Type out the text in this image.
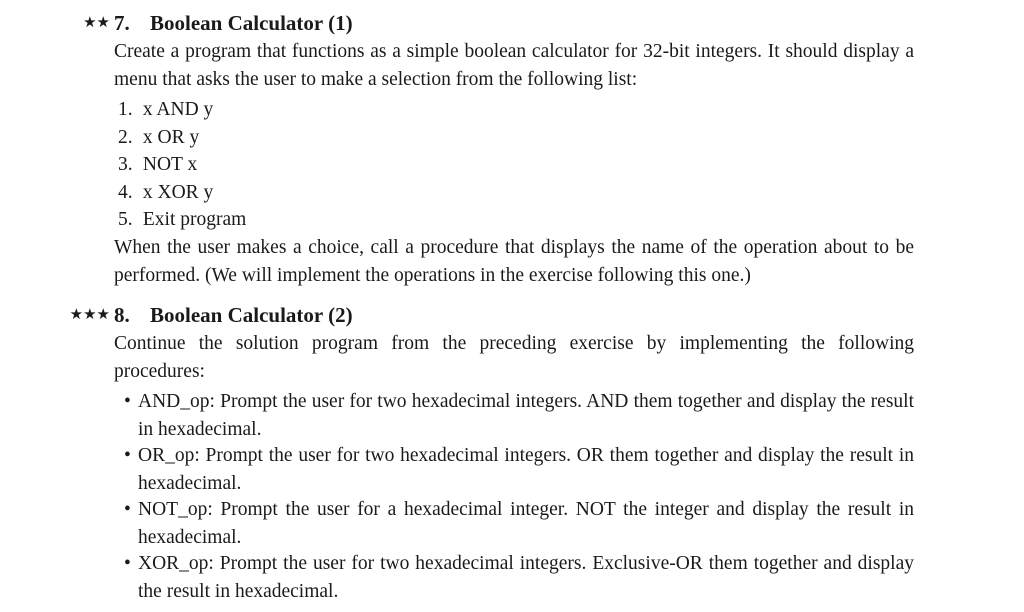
★★ 7. Boolean Calculator (1)
Create a program that functions as a simple boolean calculator for 32-bit integers. It should display a menu that asks the user to make a selection from the following list:
1. x AND y
2. x OR y
3. NOT x
4. x XOR y
5. Exit program
When the user makes a choice, call a procedure that displays the name of the operation about to be performed. (We will implement the operations in the exercise following this one.)
★★★ 8. Boolean Calculator (2)
Continue the solution program from the preceding exercise by implementing the following procedures:
• AND_op: Prompt the user for two hexadecimal integers. AND them together and display the result in hexadecimal.
• OR_op: Prompt the user for two hexadecimal integers. OR them together and display the result in hexadecimal.
• NOT_op: Prompt the user for a hexadecimal integer. NOT the integer and display the result in hexadecimal.
• XOR_op: Prompt the user for two hexadecimal integers. Exclusive-OR them together and display the result in hexadecimal.
